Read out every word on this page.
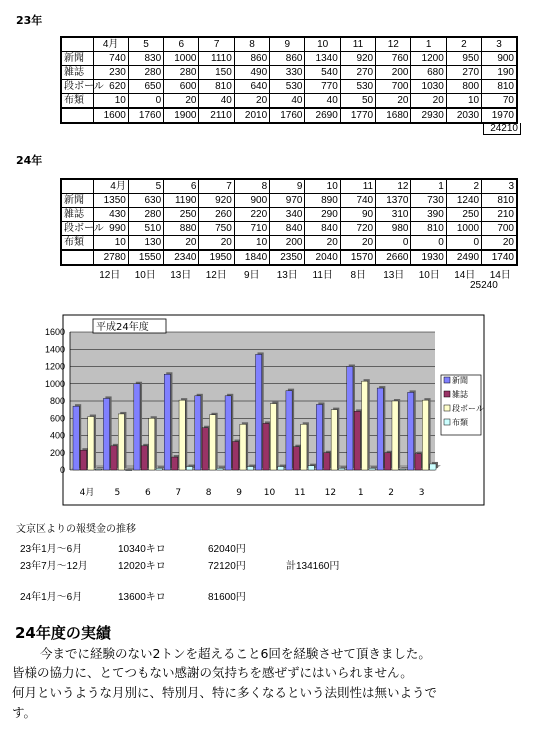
23年
	4月	5	6	7	8	9	10	11	12	1	2	3
新聞	740	830	1000	1110	860	860	1340	920	760	1200	950	900
雑誌	230	280	280	150	490	330	540	270	200	680	270	190
段ボール	620	650	600	810	640	530	770	530	700	1030	800	810
布類	10	0	20	40	20	40	40	50	20	20	10	70
	1600	1760	1900	2110	2010	1760	2690	1770	1680	2930	2030	1970
24210
24年
	4月	5	6	7	8	9	10	11	12	1	2	3
新聞	1350	630	1190	920	900	970	890	740	1370	730	1240	810
雑誌	430	280	250	260	220	340	290	90	310	390	250	210
段ボール	990	510	880	750	710	840	840	720	980	810	1000	700
布類	10	130	20	20	10	200	20	20	0	0	0	20
	2780	1550	2340	1950	1840	2350	2040	1570	2660	1930	2490	1740
12日	10日	13日	12日	9日	13日	11日	8日	13日	10日	14日	14日
25240
0
200
400
600
800
1000
1200
1400
1600	平成24年度
4月 5	6	7	8	9 10 11 12 1	2	3
新聞
雑誌
段ボール
布類
文京区よりの報奨金の推移
23年1月～6月	10340キロ	62040円
23年7月～12月	12020キロ	72120円	計134160円
24年1月～6月	13600キロ	81600円
24年度の実績
今までに経験のない2トンを超えること6回を経験させて頂きました。
皆様の協力に、とてつもない感謝の気持ちを感ぜずにはいられません。
何月というような月別に、特別月、特に多くなるという法則性は無いようで
す。
